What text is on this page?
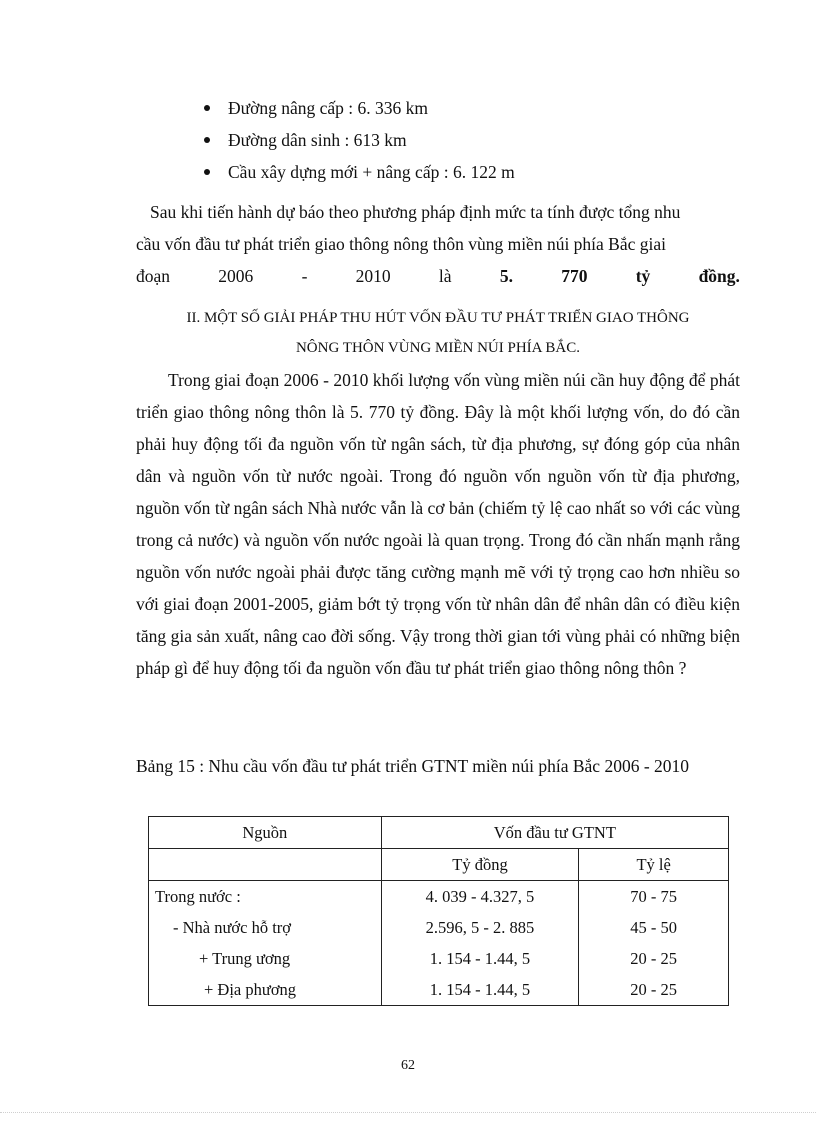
Đường nâng cấp : 6. 336 km
Đường dân sinh : 613 km
Cầu xây dựng mới + nâng cấp : 6. 122 m
Sau khi tiến hành dự báo theo phương pháp định mức ta tính được tổng nhu
cầu vốn đầu tư phát triển giao thông nông thôn vùng miền núi phía Bắc giai
đoạn	2006	-	2010	là	5.	770	tỷ	đồng.
II. MỘT SỐ GIẢI PHÁP THU HÚT VỐN ĐẦU TƯ PHÁT TRIỂN GIAO THÔNG
NÔNG THÔN VÙNG MIỀN NÚI PHÍA BẮC.

Trong giai đoạn 2006 - 2010 khối lượng vốn vùng miền núi cần huy động để phát triển giao thông nông thôn là 5. 770 tỷ đồng. Đây là một khối lượng vốn, do đó cần phải huy động tối đa nguồn vốn từ ngân sách, từ địa phương, sự đóng góp của nhân dân và nguồn vốn từ nước ngoài. Trong đó nguồn vốn nguồn vốn từ địa phương, nguồn vốn từ ngân sách Nhà nước vẫn là cơ bản (chiếm tỷ lệ cao nhất so với các vùng trong cả nước) và nguồn vốn nước ngoài là quan trọng. Trong đó cần nhấn mạnh rằng nguồn vốn nước ngoài phải được tăng cường mạnh mẽ với tỷ trọng cao hơn nhiều so với giai đoạn 2001-2005, giảm bớt tỷ trọng vốn từ nhân dân để nhân dân có điều kiện tăng gia sản xuất, nâng cao đời sống. Vậy trong thời gian tới vùng phải có những biện pháp gì để huy động tối đa nguồn vốn đầu tư phát triển giao thông nông thôn ?

Bảng 15 : Nhu cầu vốn đầu tư phát triển GTNT miền núi phía Bắc 2006 - 2010

Nguồn	Vốn đầu tư GTNT	
	Tỷ đồng	Tỷ lệ
Trong nước :	4. 039 - 4.327, 5	70 - 75
- Nhà nước hỗ trợ	2.596, 5 - 2. 885	45 - 50
+ Trung ương	1. 154 - 1.44, 5	20 - 25
+ Địa phương	1. 154 - 1.44, 5	20 - 25
62
